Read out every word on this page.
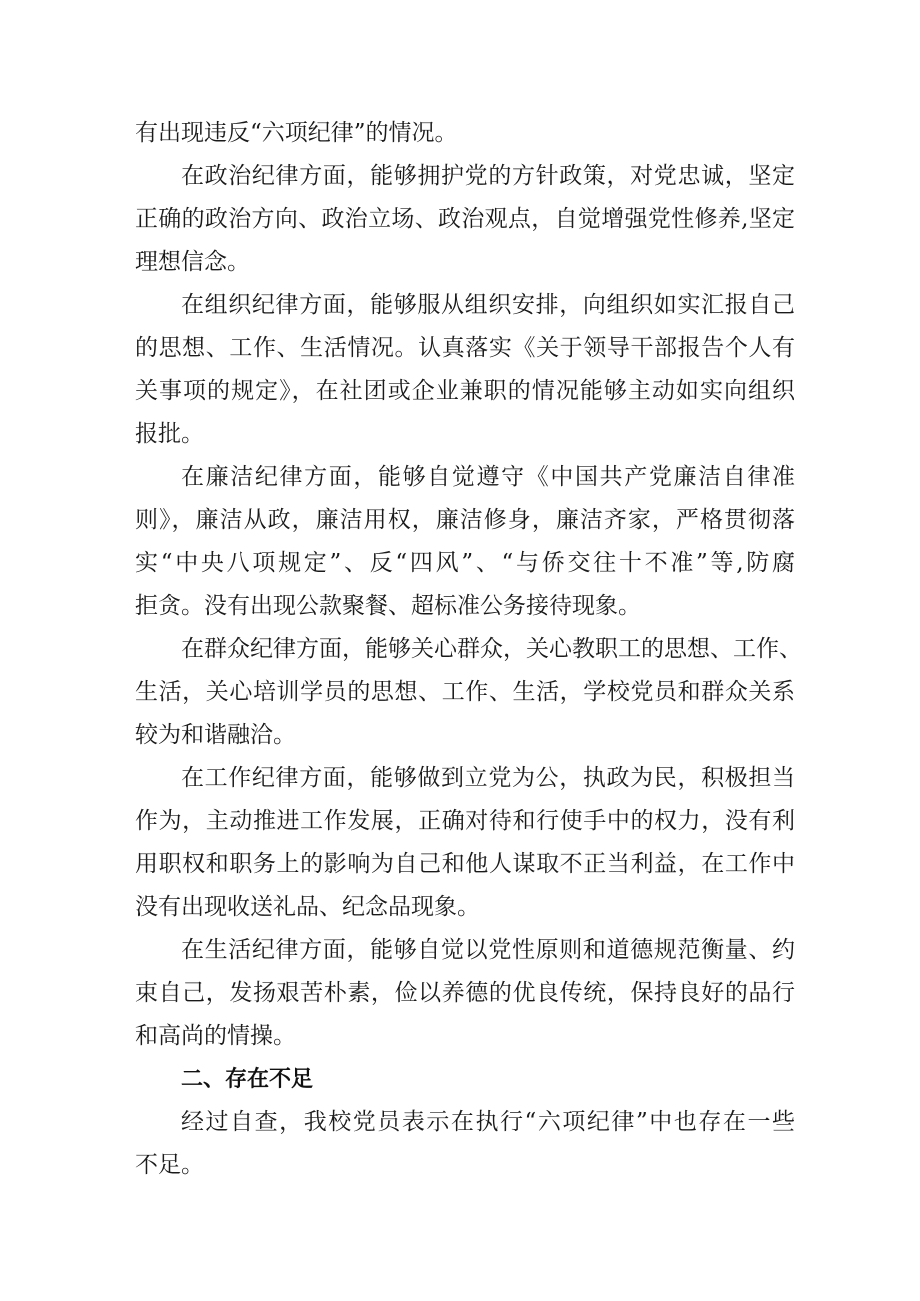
有出现违反“六项纪律”的情况。

在政治纪律方面，能够拥护党的方针政策，对党忠诚，坚定
正确的政治方向、政治立场、政治观点，自觉增强党性修养,坚定
理想信念。

在组织纪律方面，能够服从组织安排，向组织如实汇报自己
的思想、工作、生活情况。认真落实《关于领导干部报告个人有
关事项的规定》，在社团或企业兼职的情况能够主动如实向组织
报批。

在廉洁纪律方面，能够自觉遵守《中国共产党廉洁自律准
则》，廉洁从政，廉洁用权，廉洁修身，廉洁齐家，严格贯彻落
实“中央八项规定”、反“四风”、“与侨交往十不准”等,防腐
拒贪。没有出现公款聚餐、超标准公务接待现象。

在群众纪律方面，能够关心群众，关心教职工的思想、工作、
生活，关心培训学员的思想、工作、生活，学校党员和群众关系
较为和谐融洽。

在工作纪律方面，能够做到立党为公，执政为民，积极担当
作为，主动推进工作发展，正确对待和行使手中的权力，没有利
用职权和职务上的影响为自己和他人谋取不正当利益，在工作中
没有出现收送礼品、纪念品现象。

在生活纪律方面，能够自觉以党性原则和道德规范衡量、约
束自己，发扬艰苦朴素，俭以养德的优良传统，保持良好的品行
和高尚的情操。

二、存在不足

经过自查，我校党员表示在执行“六项纪律”中也存在一些
不足。
